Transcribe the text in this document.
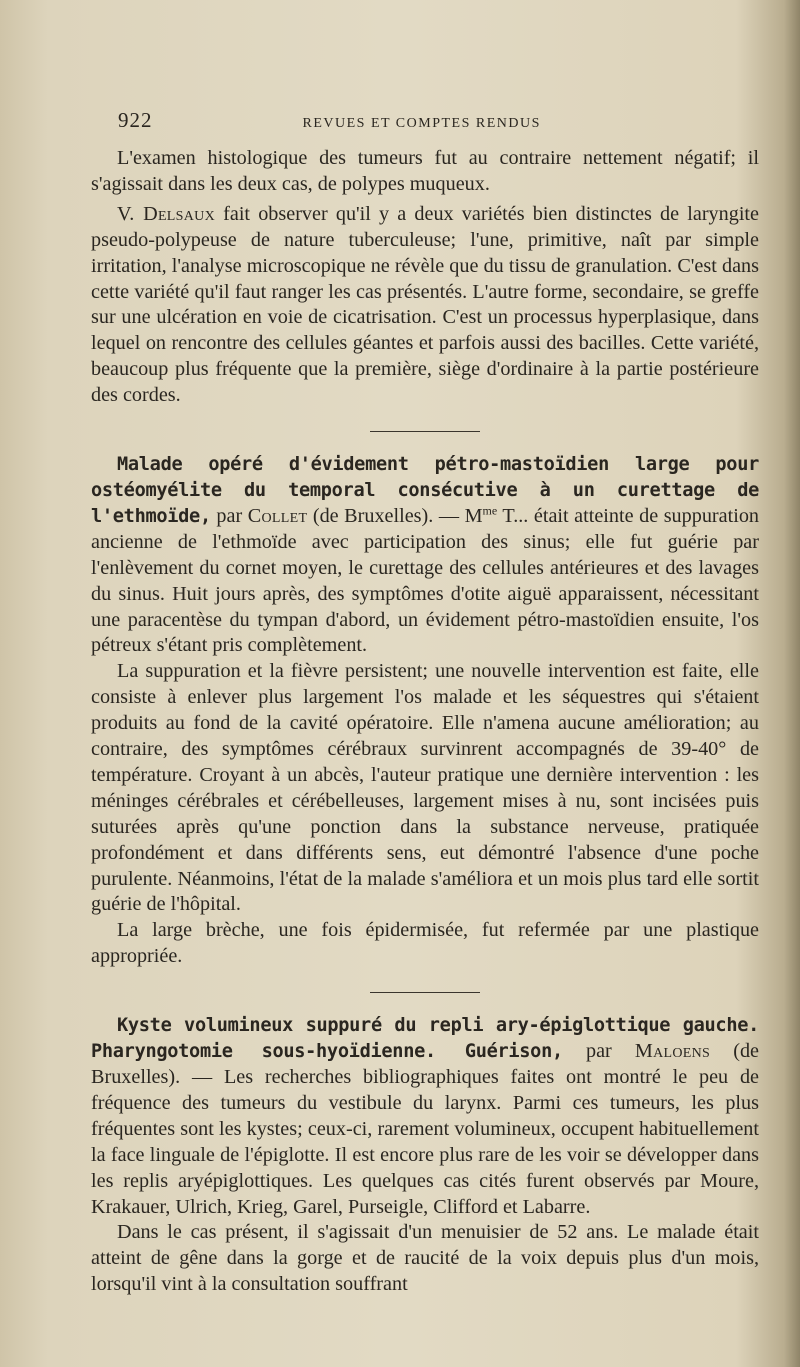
922	REVUES ET COMPTES RENDUS

L'examen histologique des tumeurs fut au contraire nettement négatif; il s'agissait dans les deux cas, de polypes muqueux.

V. Delsaux fait observer qu'il y a deux variétés bien distinctes de laryngite pseudo-polypeuse de nature tuberculeuse; l'une, primitive, naît par simple irritation, l'analyse microscopique ne révèle que du tissu de granulation. C'est dans cette variété qu'il faut ranger les cas présentés. L'autre forme, secondaire, se greffe sur une ulcération en voie de cicatrisation. C'est un processus hyperplasique, dans lequel on rencontre des cellules géantes et parfois aussi des bacilles. Cette variété, beaucoup plus fréquente que la première, siège d'ordinaire à la partie postérieure des cordes.

Malade opéré d'évidement pétro-mastoïdien large pour ostéomyélite du temporal consécutive à un curettage de l'ethmoïde, par Collet (de Bruxelles). — $M^{me}$ T... était atteinte de suppuration ancienne de l'ethmoïde avec participation des sinus; elle fut guérie par l'enlèvement du cornet moyen, le curettage des cellules antérieures et des lavages du sinus. Huit jours après, des symptômes d'otite aiguë apparaissent, nécessitant une paracentèse du tympan d'abord, un évidement pétro-mastoïdien ensuite, l'os pétreux s'étant pris complètement.

La suppuration et la fièvre persistent; une nouvelle intervention est faite, elle consiste à enlever plus largement l'os malade et les séquestres qui s'étaient produits au fond de la cavité opératoire. Elle n'amena aucune amélioration; au contraire, des symptômes cérébraux survinrent accompagnés de 39-40° de température. Croyant à un abcès, l'auteur pratique une dernière intervention : les méninges cérébrales et cérébelleuses, largement mises à nu, sont incisées puis suturées après qu'une ponction dans la substance nerveuse, pratiquée profondément et dans différents sens, eut démontré l'absence d'une poche purulente. Néanmoins, l'état de la malade s'améliora et un mois plus tard elle sortit guérie de l'hôpital.

La large brèche, une fois épidermisée, fut refermée par une plastique appropriée.

Kyste volumineux suppuré du repli ary-épiglottique gauche. Pharyngotomie sous-hyoïdienne. Guérison, par Maloens (de Bruxelles). — Les recherches bibliographiques faites ont montré le peu de fréquence des tumeurs du vestibule du larynx. Parmi ces tumeurs, les plus fréquentes sont les kystes; ceux-ci, rarement volumineux, occupent habituellement la face linguale de l'épiglotte. Il est encore plus rare de les voir se développer dans les replis aryépiglottiques. Les quelques cas cités furent observés par Moure, Krakauer, Ulrich, Krieg, Garel, Purseigle, Clifford et Labarre.

Dans le cas présent, il s'agissait d'un menuisier de 52 ans. Le malade était atteint de gêne dans la gorge et de raucité de la voix depuis plus d'un mois, lorsqu'il vint à la consultation souffrant
